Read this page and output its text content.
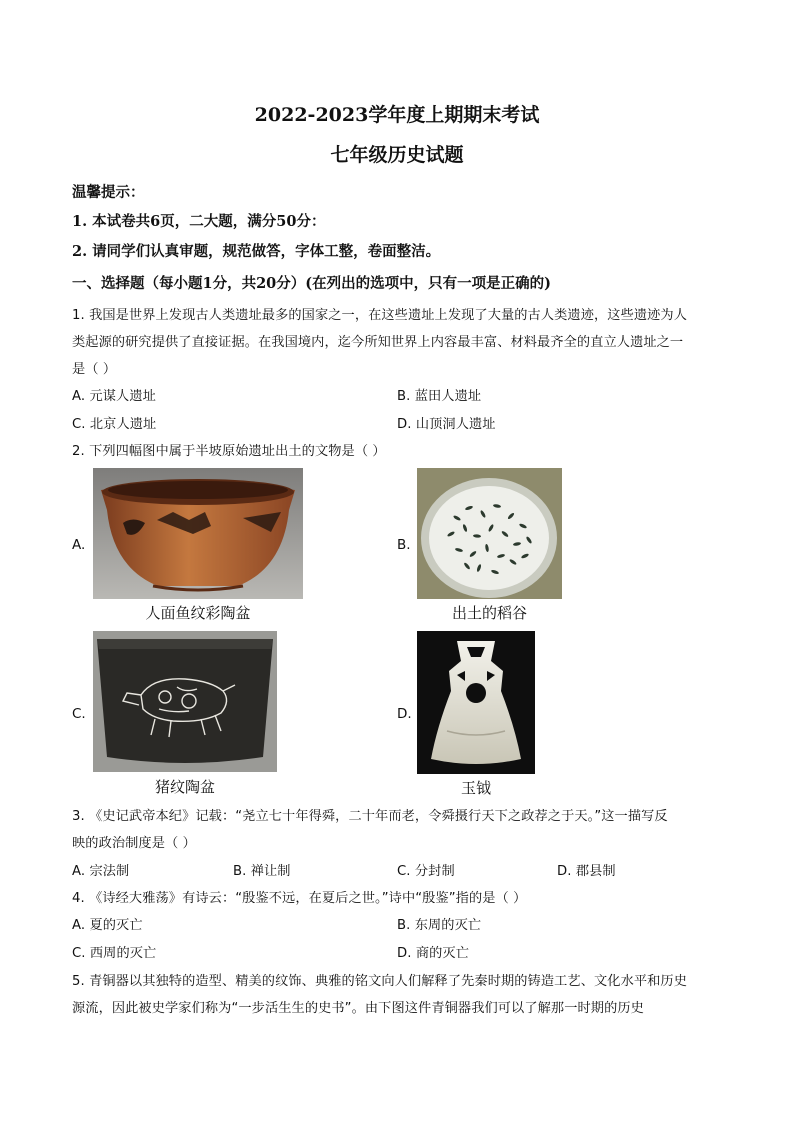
2022-2023学年度上期期末考试
七年级历史试题
温馨提示：
1. 本试卷共6页，二大题，满分50分：
2. 请同学们认真审题，规范做答，字体工整，卷面整洁。
一、选择题（每小题1分，共20分）(在列出的选项中，只有一项是正确的)
1. 我国是世界上发现古人类遗址最多的国家之一，在这些遗址上发现了大量的古人类遗迹，这些遗迹为人
类起源的研究提供了直接证据。在我国境内，迄今所知世界上内容最丰富、材料最齐全的直立人遗址之一
是（ ）
A. 元谋人遗址	B. 蓝田人遗址
C. 北京人遗址	D. 山顶洞人遗址
2. 下列四幅图中属于半坡原始遗址出土的文物是（ ）
A.
人面鱼纹彩陶盆
B.
出土的稻谷
C.
猪纹陶盆
D.
玉钺
3. 《史记武帝本纪》记载：“尧立七十年得舜，二十年而老，令舜摄行天下之政荐之于天。”这一描写反
映的政治制度是（ ）
A. 宗法制	B. 禅让制	C. 分封制	D. 郡县制
4. 《诗经大雅荡》有诗云：“殷鉴不远，在夏后之世。”诗中“殷鉴”指的是（ ）
A. 夏的灭亡	B. 东周的灭亡
C. 西周的灭亡	D. 商的灭亡
5. 青铜器以其独特的造型、精美的纹饰、典雅的铭文向人们解释了先秦时期的铸造工艺、文化水平和历史
源流，因此被史学家们称为“一步活生生的史书”。由下图这件青铜器我们可以了解那一时期的历史
